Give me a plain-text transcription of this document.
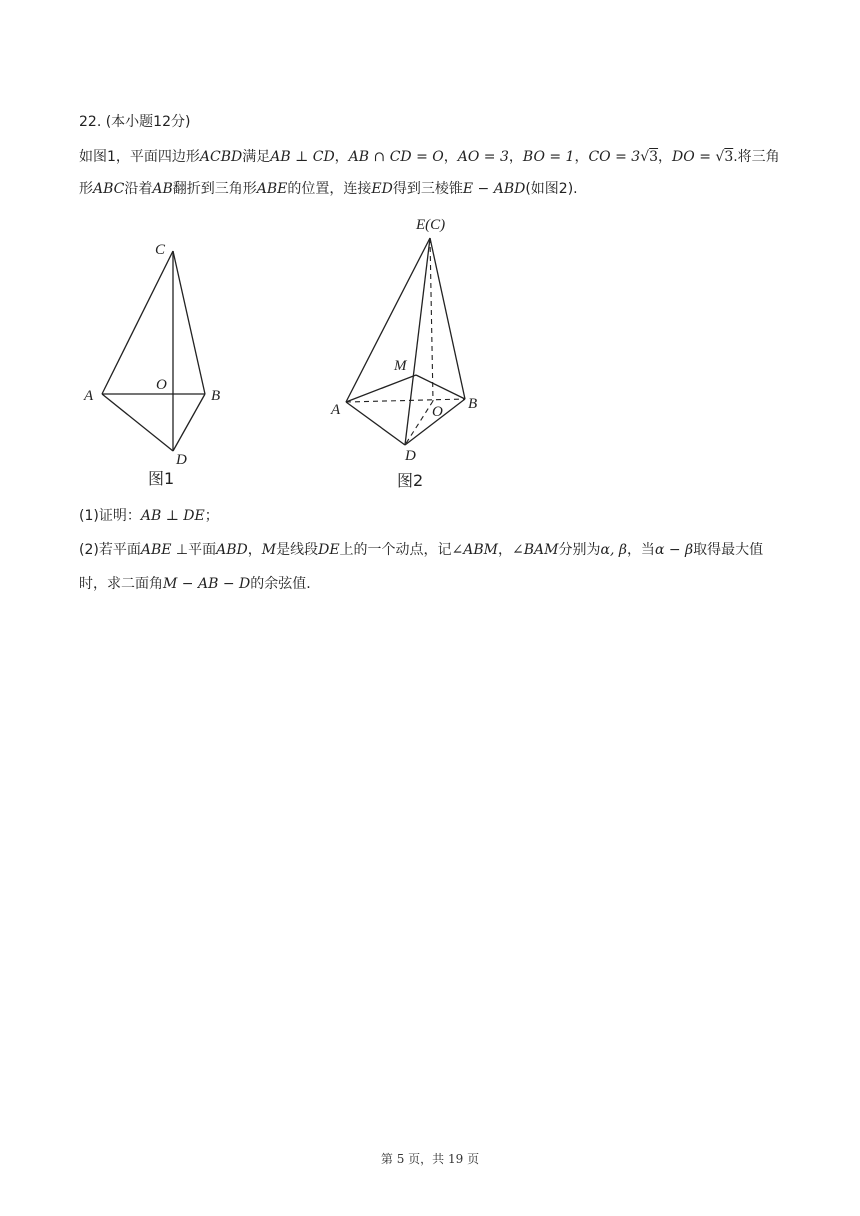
22. (本小题12分)
如图1，平面四边形ACBD满足AB ⊥ CD，AB ∩ CD = O，AO = 3，BO = 1，CO = 3√3，DO = √3.将三角
形ABC沿着AB翻折到三角形ABE的位置，连接ED得到三棱锥E − ABD(如图2).
C
A
O
B
D
图1
E(C)
M
A	O B
D
图2
(1)证明：AB ⊥ DE；
(2)若平面ABE ⊥平面ABD，M是线段DE上的一个动点，记∠ABM，∠BAM分别为α, β，当α − β取得最大值
时，求二面角M − AB − D的余弦值.
第 5 页，共 19 页
